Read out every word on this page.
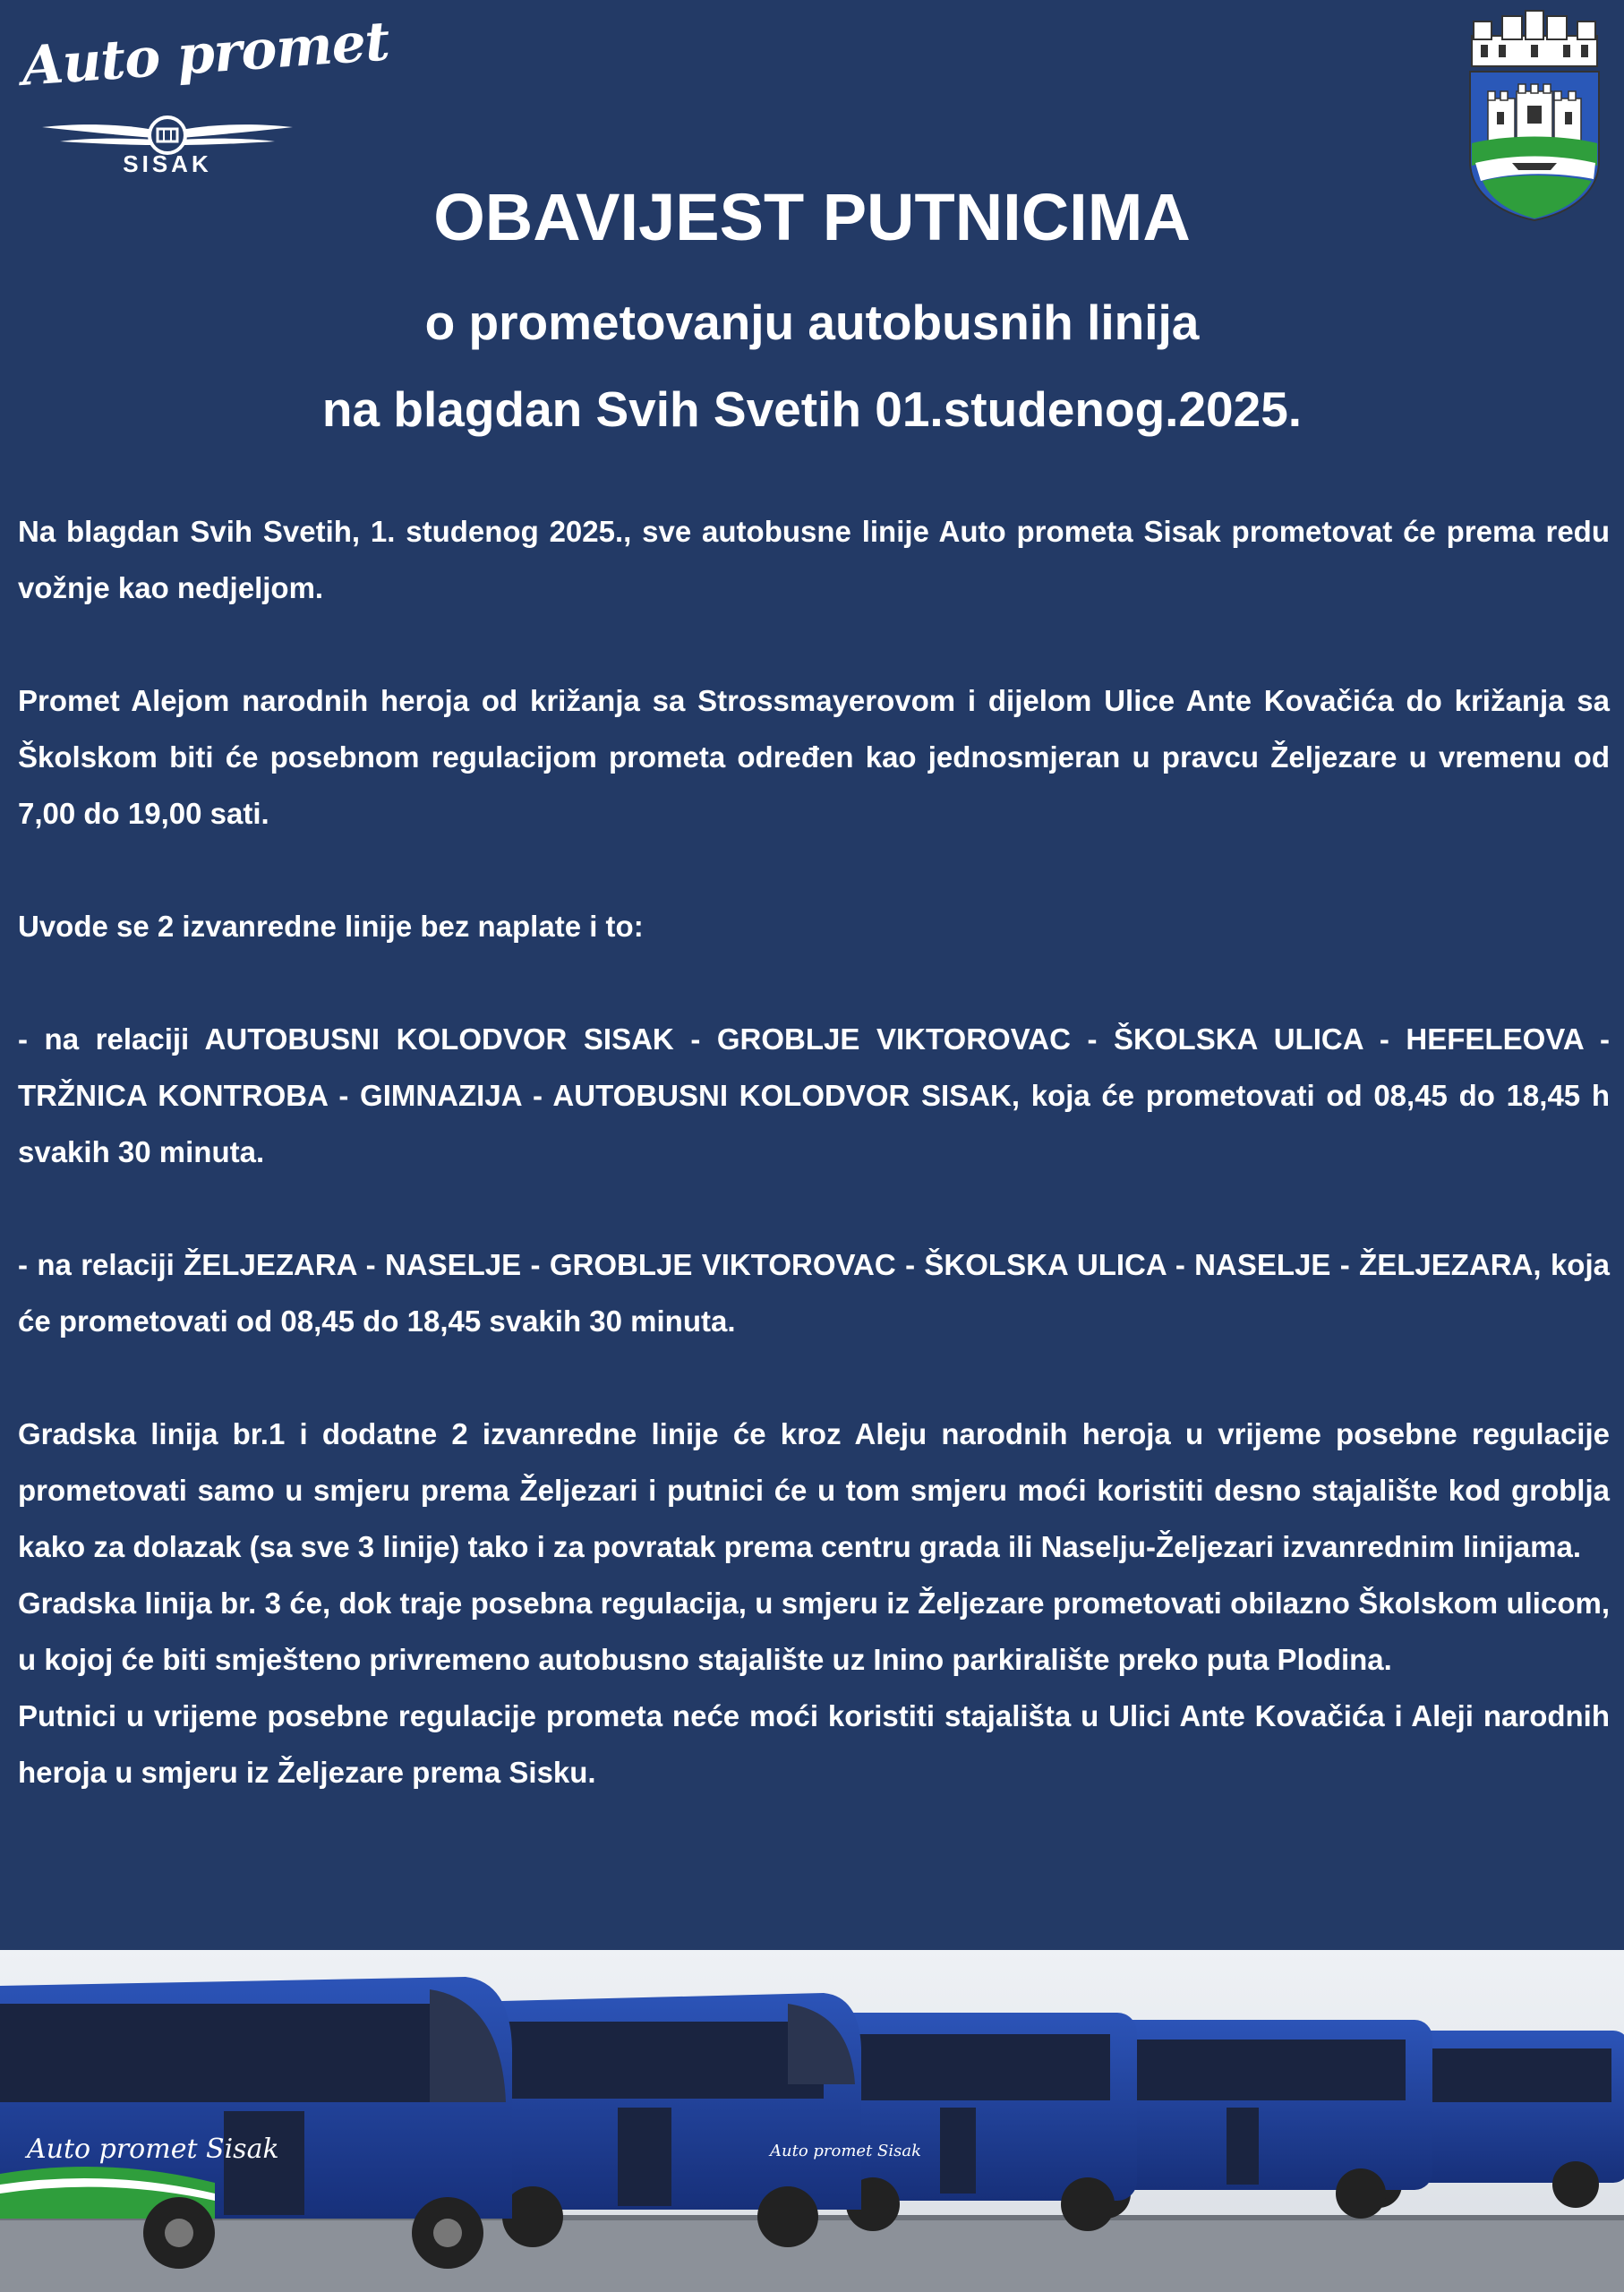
Auto promet
SISAK
OBAVIJEST PUTNICIMA
o prometovanju autobusnih linija
na blagdan Svih Svetih 01.studenog.2025.

Na blagdan Svih Svetih, 1. studenog 2025., sve autobusne linije Auto prometa Sisak prometovat će prema redu vožnje kao nedjeljom.

Promet Alejom narodnih heroja od križanja sa Strossmayerovom i dijelom Ulice Ante Kovačića do križanja sa Školskom biti će posebnom regulacijom prometa određen kao jednosmjeran u pravcu Željezare u vremenu od 7,00 do 19,00 sati.

Uvode se 2 izvanredne linije bez naplate i to:

- na relaciji AUTOBUSNI KOLODVOR SISAK - GROBLJE VIKTOROVAC - ŠKOLSKA ULICA - HEFELEOVA - TRŽNICA KONTROBA - GIMNAZIJA - AUTOBUSNI KOLODVOR SISAK, koja će prometovati od 08,45 do 18,45 h svakih 30 minuta.

- na relaciji ŽELJEZARA - NASELJE - GROBLJE VIKTOROVAC - ŠKOLSKA ULICA - NASELJE - ŽELJEZARA, koja će prometovati od 08,45 do 18,45 svakih 30 minuta.

Gradska linija br.1 i dodatne 2 izvanredne linije će kroz Aleju narodnih heroja u vrijeme posebne regulacije prometovati samo u smjeru prema Željezari i putnici će u tom smjeru moći koristiti desno stajalište kod groblja kako za dolazak (sa sve 3 linije) tako i za povratak prema centru grada ili Naselju-Željezari izvanrednim linijama.

Gradska linija br. 3 će, dok traje posebna regulacija, u smjeru iz Željezare prometovati obilazno Školskom ulicom, u kojoj će biti smješteno privremeno autobusno stajalište uz Inino parkiralište preko puta Plodina.

Putnici u vrijeme posebne regulacije prometa neće moći koristiti stajališta u Ulici Ante Kovačića i Aleji narodnih heroja u smjeru iz Željezare prema Sisku.

Auto promet Sisak
Auto promet Sisak
